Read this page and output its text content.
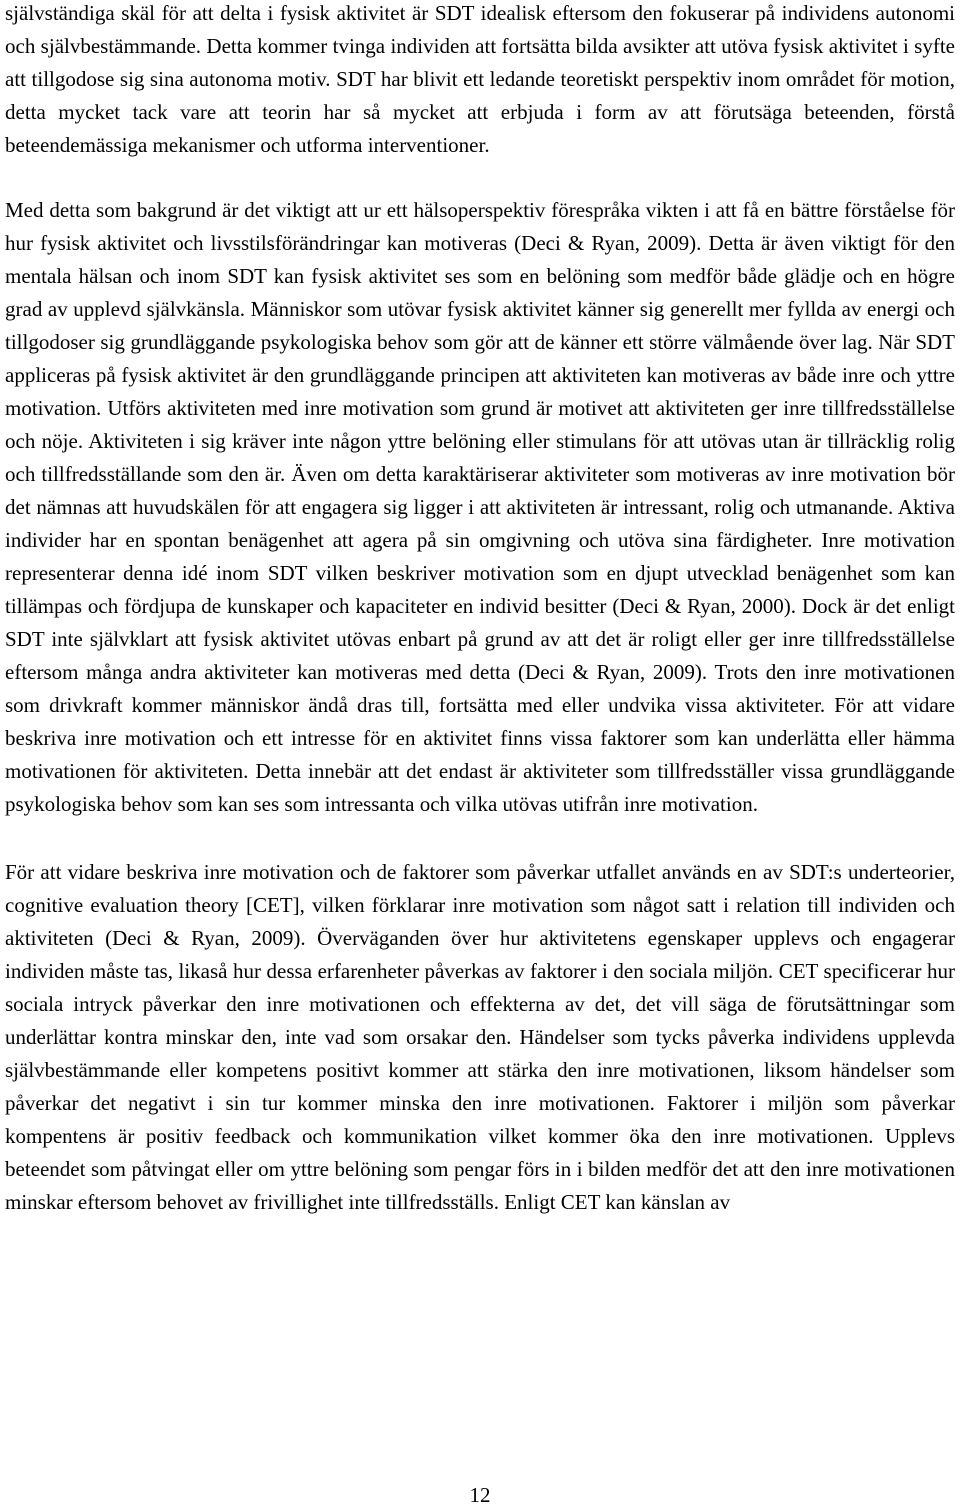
självständiga skäl för att delta i fysisk aktivitet är SDT idealisk eftersom den fokuserar på individens autonomi och självbestämmande. Detta kommer tvinga individen att fortsätta bilda avsikter att utöva fysisk aktivitet i syfte att tillgodose sig sina autonoma motiv. SDT har blivit ett ledande teoretiskt perspektiv inom området för motion, detta mycket tack vare att teorin har så mycket att erbjuda i form av att förutsäga beteenden, förstå beteendemässiga mekanismer och utforma interventioner.

Med detta som bakgrund är det viktigt att ur ett hälsoperspektiv förespråka vikten i att få en bättre förståelse för hur fysisk aktivitet och livsstilsförändringar kan motiveras (Deci & Ryan, 2009). Detta är även viktigt för den mentala hälsan och inom SDT kan fysisk aktivitet ses som en belöning som medför både glädje och en högre grad av upplevd självkänsla. Människor som utövar fysisk aktivitet känner sig generellt mer fyllda av energi och tillgodoser sig grundläggande psykologiska behov som gör att de känner ett större välmående över lag. När SDT appliceras på fysisk aktivitet är den grundläggande principen att aktiviteten kan motiveras av både inre och yttre motivation. Utförs aktiviteten med inre motivation som grund är motivet att aktiviteten ger inre tillfredsställelse och nöje. Aktiviteten i sig kräver inte någon yttre belöning eller stimulans för att utövas utan är tillräcklig rolig och tillfredsställande som den är. Även om detta karaktäriserar aktiviteter som motiveras av inre motivation bör det nämnas att huvudskälen för att engagera sig ligger i att aktiviteten är intressant, rolig och utmanande. Aktiva individer har en spontan benägenhet att agera på sin omgivning och utöva sina färdigheter. Inre motivation representerar denna idé inom SDT vilken beskriver motivation som en djupt utvecklad benägenhet som kan tillämpas och fördjupa de kunskaper och kapaciteter en individ besitter (Deci & Ryan, 2000). Dock är det enligt SDT inte självklart att fysisk aktivitet utövas enbart på grund av att det är roligt eller ger inre tillfredsställelse eftersom många andra aktiviteter kan motiveras med detta (Deci & Ryan, 2009). Trots den inre motivationen som drivkraft kommer människor ändå dras till, fortsätta med eller undvika vissa aktiviteter. För att vidare beskriva inre motivation och ett intresse för en aktivitet finns vissa faktorer som kan underlätta eller hämma motivationen för aktiviteten. Detta innebär att det endast är aktiviteter som tillfredsställer vissa grundläggande psykologiska behov som kan ses som intressanta och vilka utövas utifrån inre motivation.

För att vidare beskriva inre motivation och de faktorer som påverkar utfallet används en av SDT:s underteorier, cognitive evaluation theory [CET], vilken förklarar inre motivation som något satt i relation till individen och aktiviteten (Deci & Ryan, 2009). Överväganden över hur aktivitetens egenskaper upplevs och engagerar individen måste tas, likaså hur dessa erfarenheter påverkas av faktorer i den sociala miljön. CET specificerar hur sociala intryck påverkar den inre motivationen och effekterna av det, det vill säga de förutsättningar som underlättar kontra minskar den, inte vad som orsakar den. Händelser som tycks påverka individens upplevda självbestämmande eller kompetens positivt kommer att stärka den inre motivationen, liksom händelser som påverkar det negativt i sin tur kommer minska den inre motivationen. Faktorer i miljön som påverkar kompentens är positiv feedback och kommunikation vilket kommer öka den inre motivationen. Upplevs beteendet som påtvingat eller om yttre belöning som pengar förs in i bilden medför det att den inre motivationen minskar eftersom behovet av frivillighet inte tillfredsställs. Enligt CET kan känslan av

12
